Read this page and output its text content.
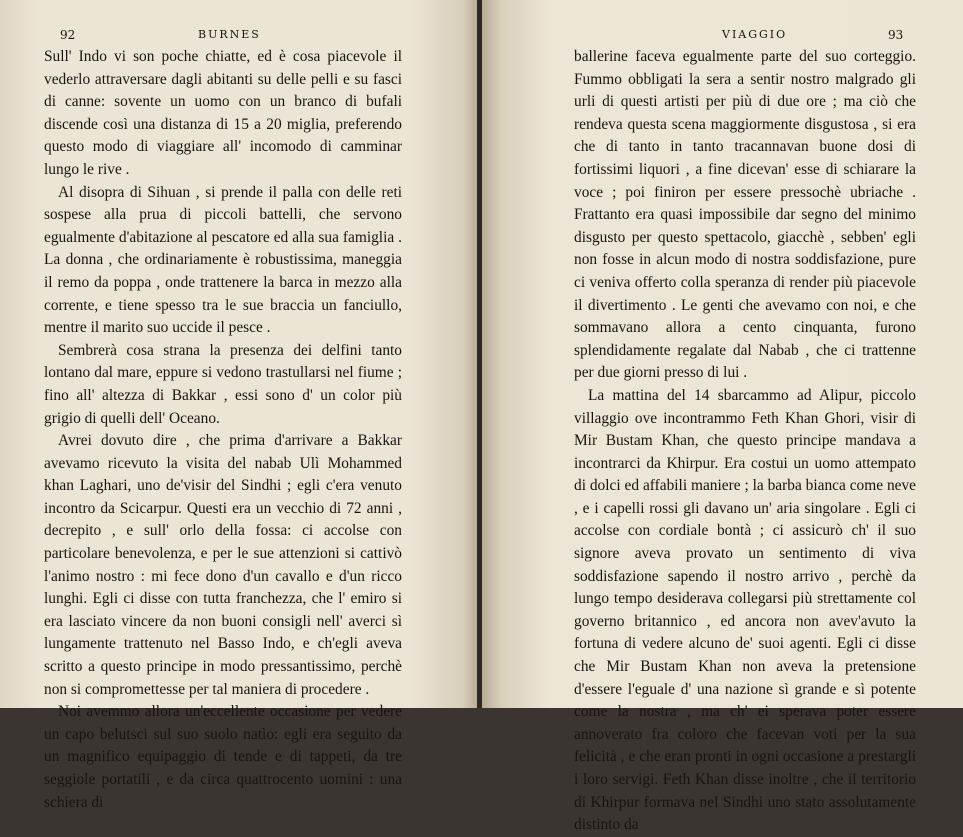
92	BURNES

Sull' Indo vi son poche chiatte, ed è cosa piacevole il vederlo attraversare dagli abitanti su delle pelli e su fasci di canne: sovente un uomo con un branco di bufali discende così una distanza di 15 a 20 miglia, preferendo questo modo di viaggiare all' incomodo di camminar lungo le rive .

Al disopra di Sihuan , si prende il palla con delle reti sospese alla prua di piccoli battelli, che servono egualmente d'abitazione al pescatore ed alla sua famiglia . La donna , che ordinariamente è robustissima, maneggia il remo da poppa , onde trattenere la barca in mezzo alla corrente, e tiene spesso tra le sue braccia un fanciullo, mentre il marito suo uccide il pesce .

Sembrerà cosa strana la presenza dei delfini tanto lontano dal mare, eppure si vedono trastullarsi nel fiume ; fino all' altezza di Bakkar , essi sono d' un color più grigio di quelli dell' Oceano.

Avrei dovuto dire , che prima d'arrivare a Bakkar avevamo ricevuto la visita del nabab Ulì Mohammed khan Laghari, uno de'visir del Sindhi ; egli c'era venuto incontro da Scicarpur. Questi era un vecchio di 72 anni , decrepito , e sull' orlo della fossa: ci accolse con particolare benevolenza, e per le sue attenzioni si cattivò l'animo nostro : mi fece dono d'un cavallo e d'un ricco lunghi. Egli ci disse con tutta franchezza, che l' emiro si era lasciato vincere da non buoni consigli nell' averci sì lungamente trattenuto nel Basso Indo, e ch'egli aveva scritto a questo principe in modo pressantissimo, perchè non si compromettesse per tal maniera di procedere .

Noi avemmo allora un'eccellente occasione per vedere un capo belutsci sul suo suolo natìo: egli era seguito da un magnifico equipaggio di tende e di tappeti, da tre seggiole portatili , e da circa quattrocento uomini : una schiera di

VIAGGIO	93

ballerine faceva egualmente parte del suo corteggio. Fummo obbligati la sera a sentir nostro malgrado gli urli di questi artisti per più di due ore ; ma ciò che rendeva questa scena maggiormente disgustosa , si era che di tanto in tanto tracannavan buone dosi di fortissimi liquori , a fine dicevan' esse di schiarare la voce ; poi finiron per essere pressochè ubriache . Frattanto era quasi impossibile dar segno del minimo disgusto per questo spettacolo, giacchè , sebben' egli non fosse in alcun modo di nostra soddisfazione, pure ci veniva offerto colla speranza di render più piacevole il divertimento . Le genti che avevamo con noi, e che sommavano allora a cento cinquanta, furono splendidamente regalate dal Nabab , che ci trattenne per due giorni presso di lui .

La mattina del 14 sbarcammo ad Alipur, piccolo villaggio ove incontrammo Feth Khan Ghori, visir di Mir Bustam Khan, che questo principe mandava a incontrarci da Khirpur. Era costui un uomo attempato di dolci ed affabili maniere ; la barba bianca come neve , e i capelli rossi gli davano un' aria singolare . Egli ci accolse con cordiale bontà ; ci assicurò ch' il suo signore aveva provato un sentimento di viva soddisfazione sapendo il nostro arrivo , perchè da lungo tempo desiderava collegarsi più strettamente col governo britannico , ed ancora non avev'avuto la fortuna di vedere alcuno de' suoi agenti. Egli ci disse che Mir Bustam Khan non aveva la pretensione d'essere l'eguale d' una nazione sì grande e sì potente come la nostra , ma ch' ei sperava poter essere annoverato fra coloro che facevan voti per la sua felicità , e che eran pronti in ogni occasione a prestargli i loro servigi. Feth Khan disse inoltre , che il territorio di Khirpur formava nel Sindhi uno stato assolutamente distinto da
